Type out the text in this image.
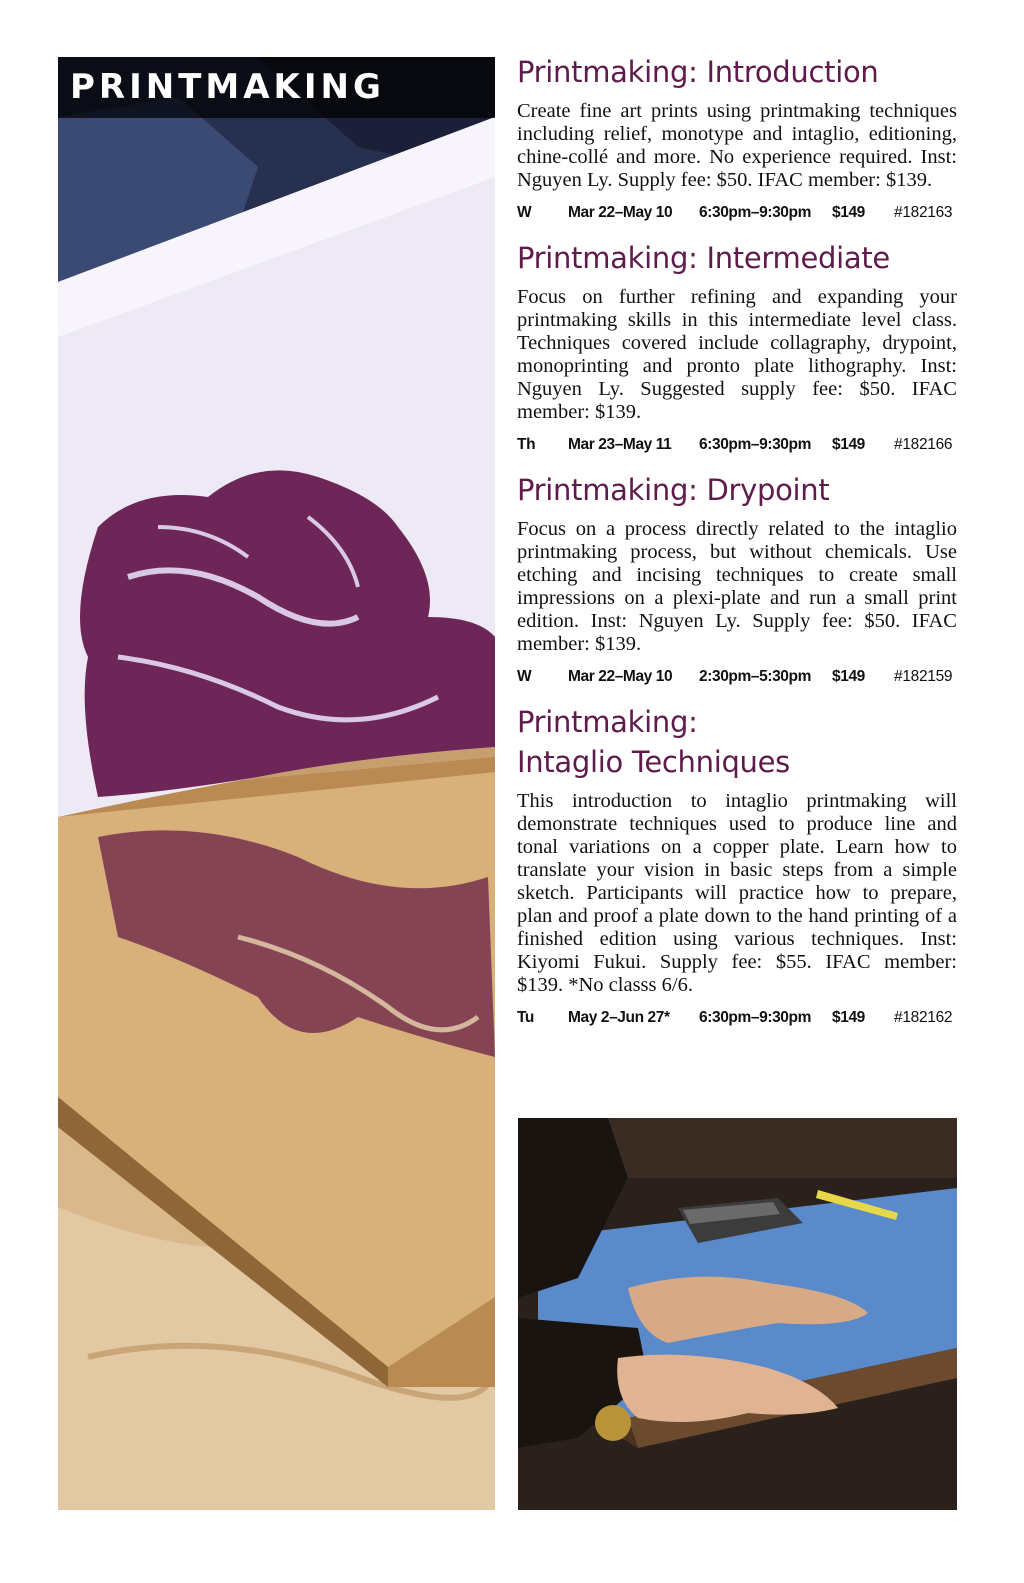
PRINTMAKING	Printmaking: Introduction

Create fine art prints using printmaking techniques including relief, monotype and intaglio, editioning, chine-collé and more. No experience required. Inst: Nguyen Ly. Supply fee: $50. IFAC member: $139.

W Mar 22–May 10 6:30pm–9:30pm $149 #182163
Printmaking: Intermediate

Focus on further refining and expanding your printmaking skills in this intermediate level class. Techniques covered include collagraphy, drypoint, monoprinting and pronto plate lithography. Inst: Nguyen Ly. Suggested supply fee: $50. IFAC member: $139.

Th Mar 23–May 11 6:30pm–9:30pm $149 #182166
Printmaking: Drypoint

Focus on a process directly related to the intaglio printmaking process, but without chemicals. Use etching and incising techniques to create small impressions on a plexi-plate and run a small print edition. Inst: Nguyen Ly. Supply fee: $50. IFAC member: $139.

W Mar 22–May 10 2:30pm–5:30pm $149 #182159
Printmaking:
Intaglio Techniques

This introduction to intaglio printmaking will demonstrate techniques used to produce line and tonal variations on a copper plate. Learn how to translate your vision in basic steps from a simple sketch. Participants will practice how to prepare, plan and proof a plate down to the hand printing of a finished edition using various techniques. Inst: Kiyomi Fukui. Supply fee: $55. IFAC member: $139. *No classs 6/6.

Tu May 2–Jun 27* 6:30pm–9:30pm $149 #182162
